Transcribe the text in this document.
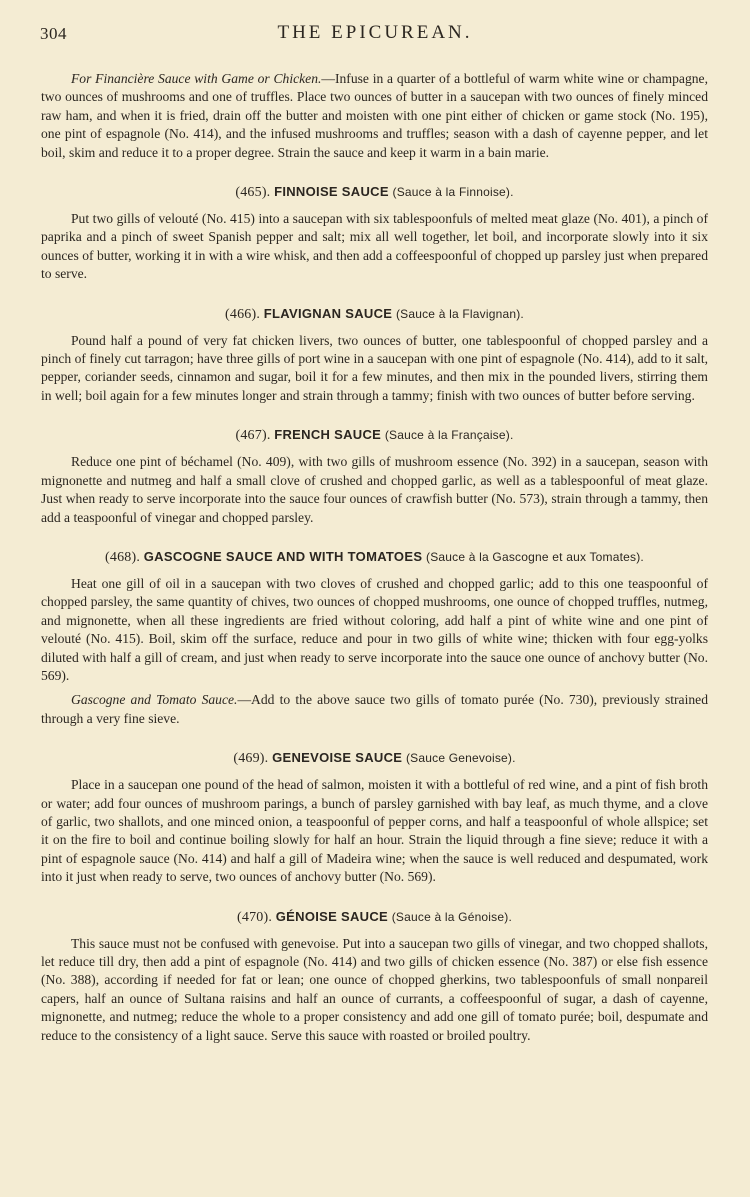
304	THE EPICUREAN.

For Financière Sauce with Game or Chicken.—Infuse in a quarter of a bottleful of warm white wine or champagne, two ounces of mushrooms and one of truffles. Place two ounces of butter in a saucepan with two ounces of finely minced raw ham, and when it is fried, drain off the butter and moisten with one pint either of chicken or game stock (No. 195), one pint of espagnole (No. 414), and the infused mushrooms and truffles; season with a dash of cayenne pepper, and let boil, skim and reduce it to a proper degree. Strain the sauce and keep it warm in a bain marie.

(465). FINNOISE SAUCE (Sauce à la Finnoise).

Put two gills of velouté (No. 415) into a saucepan with six tablespoonfuls of melted meat glaze (No. 401), a pinch of paprika and a pinch of sweet Spanish pepper and salt; mix all well together, let boil, and incorporate slowly into it six ounces of butter, working it in with a wire whisk, and then add a coffeespoonful of chopped up parsley just when prepared to serve.

(466). FLAVIGNAN SAUCE (Sauce à la Flavignan).

Pound half a pound of very fat chicken livers, two ounces of butter, one tablespoonful of chopped parsley and a pinch of finely cut tarragon; have three gills of port wine in a saucepan with one pint of espagnole (No. 414), add to it salt, pepper, coriander seeds, cinnamon and sugar, boil it for a few minutes, and then mix in the pounded livers, stirring them in well; boil again for a few minutes longer and strain through a tammy; finish with two ounces of butter before serving.

(467). FRENCH SAUCE (Sauce à la Française).

Reduce one pint of béchamel (No. 409), with two gills of mushroom essence (No. 392) in a saucepan, season with mignonette and nutmeg and half a small clove of crushed and chopped garlic, as well as a tablespoonful of meat glaze. Just when ready to serve incorporate into the sauce four ounces of crawfish butter (No. 573), strain through a tammy, then add a teaspoonful of vinegar and chopped parsley.

(468). GASCOGNE SAUCE AND WITH TOMATOES (Sauce à la Gascogne et aux Tomates).

Heat one gill of oil in a saucepan with two cloves of crushed and chopped garlic; add to this one teaspoonful of chopped parsley, the same quantity of chives, two ounces of chopped mushrooms, one ounce of chopped truffles, nutmeg, and mignonette, when all these ingredients are fried without coloring, add half a pint of white wine and one pint of velouté (No. 415). Boil, skim off the surface, reduce and pour in two gills of white wine; thicken with four egg-yolks diluted with half a gill of cream, and just when ready to serve incorporate into the sauce one ounce of anchovy butter (No. 569).

Gascogne and Tomato Sauce.—Add to the above sauce two gills of tomato purée (No. 730), previously strained through a very fine sieve.

(469). GENEVOISE SAUCE (Sauce Genevoise).

Place in a saucepan one pound of the head of salmon, moisten it with a bottleful of red wine, and a pint of fish broth or water; add four ounces of mushroom parings, a bunch of parsley garnished with bay leaf, as much thyme, and a clove of garlic, two shallots, and one minced onion, a teaspoonful of pepper corns, and half a teaspoonful of whole allspice; set it on the fire to boil and continue boiling slowly for half an hour. Strain the liquid through a fine sieve; reduce it with a pint of espagnole sauce (No. 414) and half a gill of Madeira wine; when the sauce is well reduced and despumated, work into it just when ready to serve, two ounces of anchovy butter (No. 569).

(470). GÉNOISE SAUCE (Sauce à la Génoise).

This sauce must not be confused with genevoise. Put into a saucepan two gills of vinegar, and two chopped shallots, let reduce till dry, then add a pint of espagnole (No. 414) and two gills of chicken essence (No. 387) or else fish essence (No. 388), according if needed for fat or lean; one ounce of chopped gherkins, two tablespoonfuls of small nonpareil capers, half an ounce of Sultana raisins and half an ounce of currants, a coffeespoonful of sugar, a dash of cayenne, mignonette, and nutmeg; reduce the whole to a proper consistency and add one gill of tomato purée; boil, despumate and reduce to the consistency of a light sauce. Serve this sauce with roasted or broiled poultry.
